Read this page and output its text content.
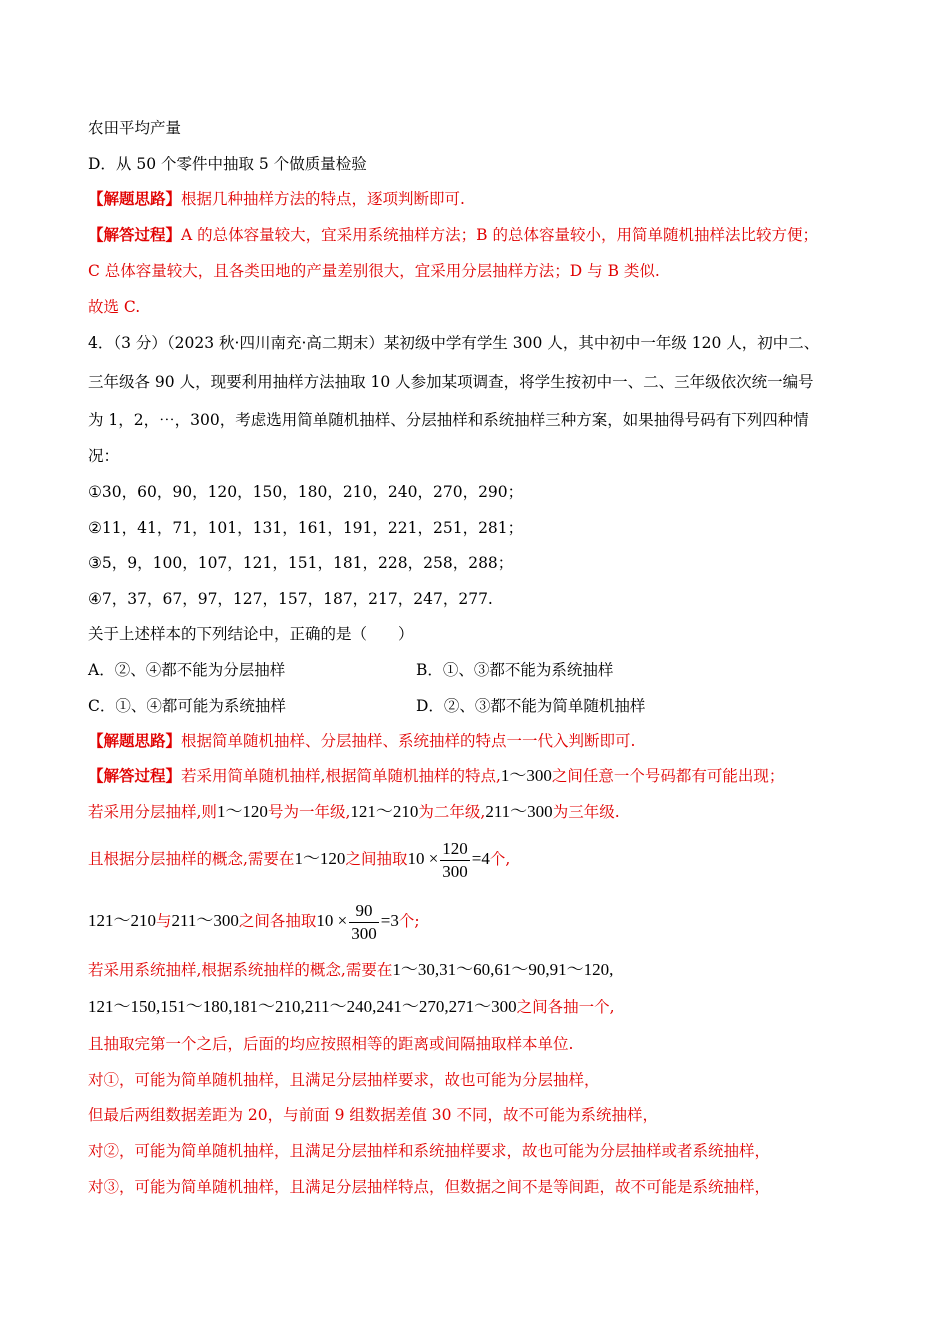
农田平均产量
D．从 50 个零件中抽取 5 个做质量检验
【解题思路】根据几种抽样方法的特点，逐项判断即可.
【解答过程】A 的总体容量较大，宜采用系统抽样方法；B 的总体容量较小，用简单随机抽样法比较方便；
C 总体容量较大，且各类田地的产量差别很大，宜采用分层抽样方法；D 与 B 类似.
故选 C.
4．（3 分）（2023 秋·四川南充·高二期末）某初级中学有学生 300 人，其中初中一年级 120 人，初中二、
三年级各 90 人，现要利用抽样方法抽取 10 人参加某项调查，将学生按初中一、二、三年级依次统一编号
为 1，2，⋯，300，考虑选用简单随机抽样、分层抽样和系统抽样三种方案，如果抽得号码有下列四种情
况：
①30，60，90，120，150，180，210，240，270，290；
②11，41，71，101，131，161，191，221，251，281；
③5，9，100，107，121，151，181，228，258，288；
④7，37，67，97，127，157，187，217，247，277.
关于上述样本的下列结论中，正确的是（　　）
A．②、④都不能为分层抽样	B．①、③都不能为系统抽样
C．①、④都可能为系统抽样	D．②、③都不能为简单随机抽样
【解题思路】根据简单随机抽样、分层抽样、系统抽样的特点一一代入判断即可.
【解答过程】若采用简单随机抽样,根据简单随机抽样的特点,1～300之间任意一个号码都有可能出现；
若采用分层抽样,则1～120号为一年级,121～210为二年级,211～300为三年级.
且根据分层抽样的概念,需要在1～120之间抽取$10 \times \frac{120}{300} =4$个,
121～210与211～300之间各抽取$10 \times \frac{90}{300} =3$个;
若采用系统抽样,根据系统抽样的概念,需要在1～30,31～60,61～90,91～120,
121～150,151～180,181～210,211～240,241～270,271～300之间各抽一个,
且抽取完第一个之后，后面的均应按照相等的距离或间隔抽取样本单位.
对①，可能为简单随机抽样，且满足分层抽样要求，故也可能为分层抽样，
但最后两组数据差距为 20，与前面 9 组数据差值 30 不同，故不可能为系统抽样，
对②，可能为简单随机抽样，且满足分层抽样和系统抽样要求，故也可能为分层抽样或者系统抽样，
对③，可能为简单随机抽样，且满足分层抽样特点，但数据之间不是等间距，故不可能是系统抽样，
